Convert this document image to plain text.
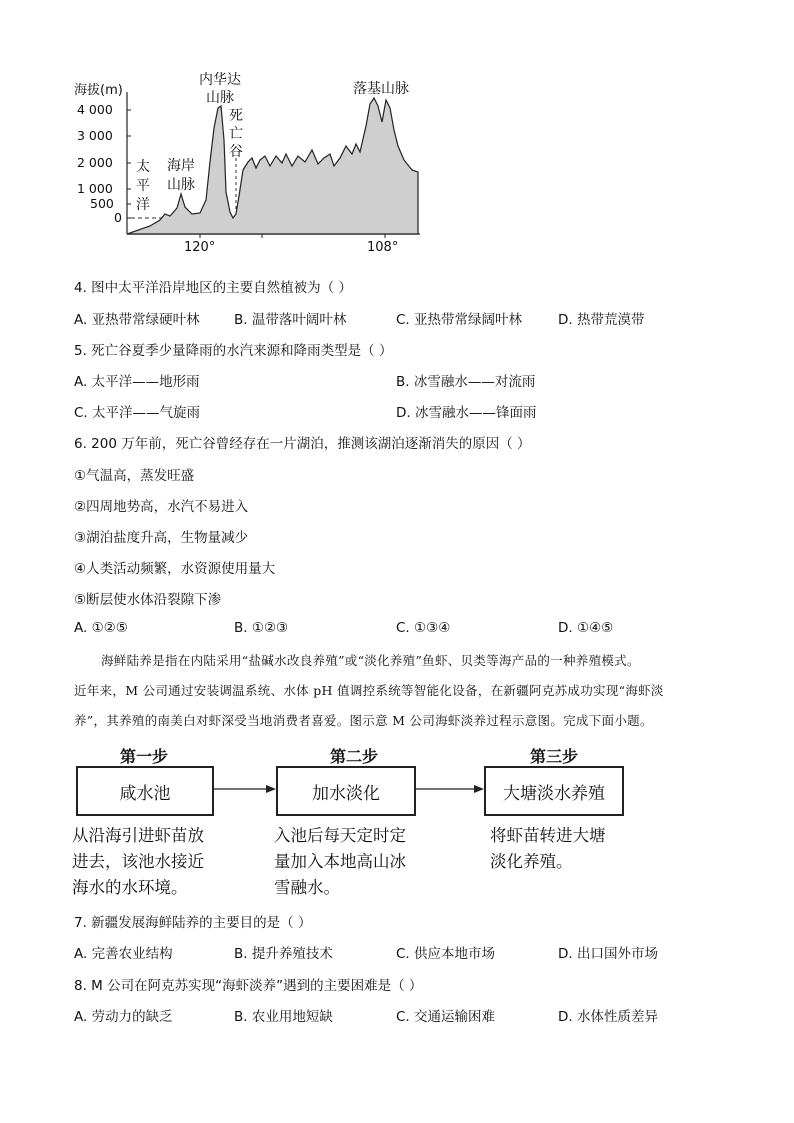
海拔(m)
4 000
3 000
2 000
1 000
500
0
120°	108°
太
平
洋
海岸
山脉
内华达
山脉
死
亡
谷
落基山脉
4. 图中太平洋沿岸地区的主要自然植被为（ ）
A. 亚热带常绿硬叶林	B. 温带落叶阔叶林	C. 亚热带常绿阔叶林	D. 热带荒漠带
5. 死亡谷夏季少量降雨的水汽来源和降雨类型是（ ）
A. 太平洋——地形雨	B. 冰雪融水——对流雨
C. 太平洋——气旋雨	D. 冰雪融水——锋面雨
6. 200 万年前，死亡谷曾经存在一片湖泊，推测该湖泊逐渐消失的原因（ ）
①气温高，蒸发旺盛
②四周地势高，水汽不易进入
③湖泊盐度升高，生物量减少
④人类活动频繁，水资源使用量大
⑤断层使水体沿裂隙下渗
A. ①②⑤	B. ①②③	C. ①③④	D. ①④⑤
海鲜陆养是指在内陆采用“盐碱水改良养殖”或“淡化养殖”鱼虾、贝类等海产品的一种养殖模式。
近年来，M 公司通过安装调温系统、水体 pH 值调控系统等智能化设备，在新疆阿克苏成功实现“海虾淡
养”，其养殖的南美白对虾深受当地消费者喜爱。图示意 M 公司海虾淡养过程示意图。完成下面小题。
第一步	第二步	第三步
咸水池	加水淡化	大塘淡水养殖
从沿海引进虾苗放
进去，该池水接近
海水的水环境。
入池后每天定时定
量加入本地高山冰
雪融水。
将虾苗转进大塘
淡化养殖。
7. 新疆发展海鲜陆养的主要目的是（ ）
A. 完善农业结构	B. 提升养殖技术	C. 供应本地市场	D. 出口国外市场
8. M 公司在阿克苏实现“海虾淡养”遇到的主要困难是（ ）
A. 劳动力的缺乏	B. 农业用地短缺	C. 交通运输困难	D. 水体性质差异
